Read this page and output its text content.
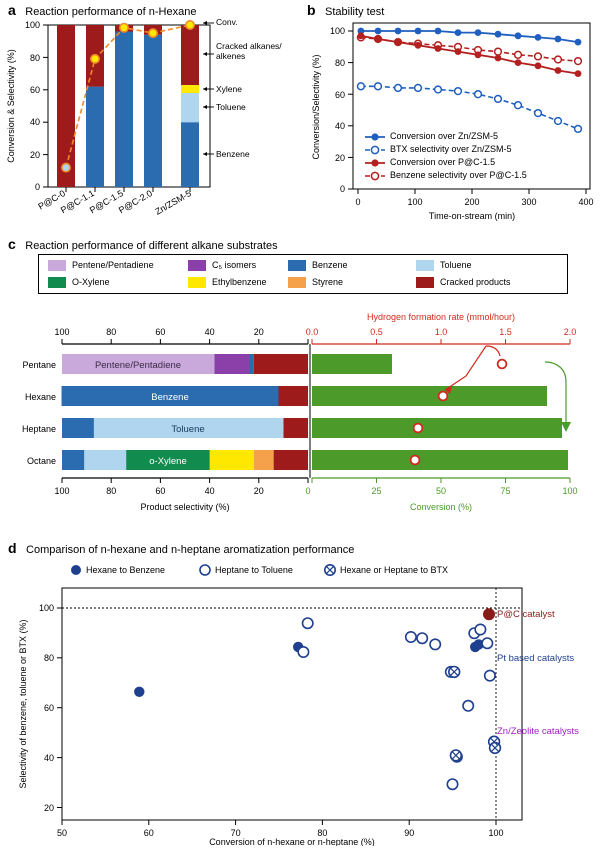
a Reaction performance of n-Hexane
0
20
40
60
80
100
Conversion & Selectivity (%)
P@C-0
P@C-1.1
P@C-1.5
P@C-2.0 Zn/ZSM-5
Conv.
Cracked alkanes/ alkenes
Xylene
Toluene
Benzene
b Stability test
0
20
40
60
80
100
Conversion/Selectivity (%)
0	100	200	300	400
Time-on-stream (min)
Conversion over Zn/ZSM-5
BTX selectivity over Zn/ZSM-5
Conversion over P@C-1.5
Benzene selectivity over P@C-1.5
c Reaction performance of different alkane substrates
Pentene/Pentadiene	C₅ isomers	Benzene	Toluene
O-Xylene	Ethylbenzene	Styrene	Cracked products
100	80	60	40	20	0.0	0.5	1.0	1.5	2.0
Hydrogen formation rate (mmol/hour)
Pentene/Pentadiene
Benzene
Toluene
o-Xylene
Pentane
Hexane
Heptane
Octane
100	80	60	40	20	0
Product selectivity (%)
25	50	75	100
Conversion (%)
d Comparison of n-hexane and n-heptane aromatization performance
Hexane to Benzene	Heptane to Toluene	Hexane or Heptane to BTX
20
40
60
80
100
Selectivity of benzene, toluene or BTX (%)
50	60	70	80	90	100
P@C catalyst
Pt based catalysts
Zn/Zeolite catalysts
Conversion of n-hexane or n-heptane (%)
